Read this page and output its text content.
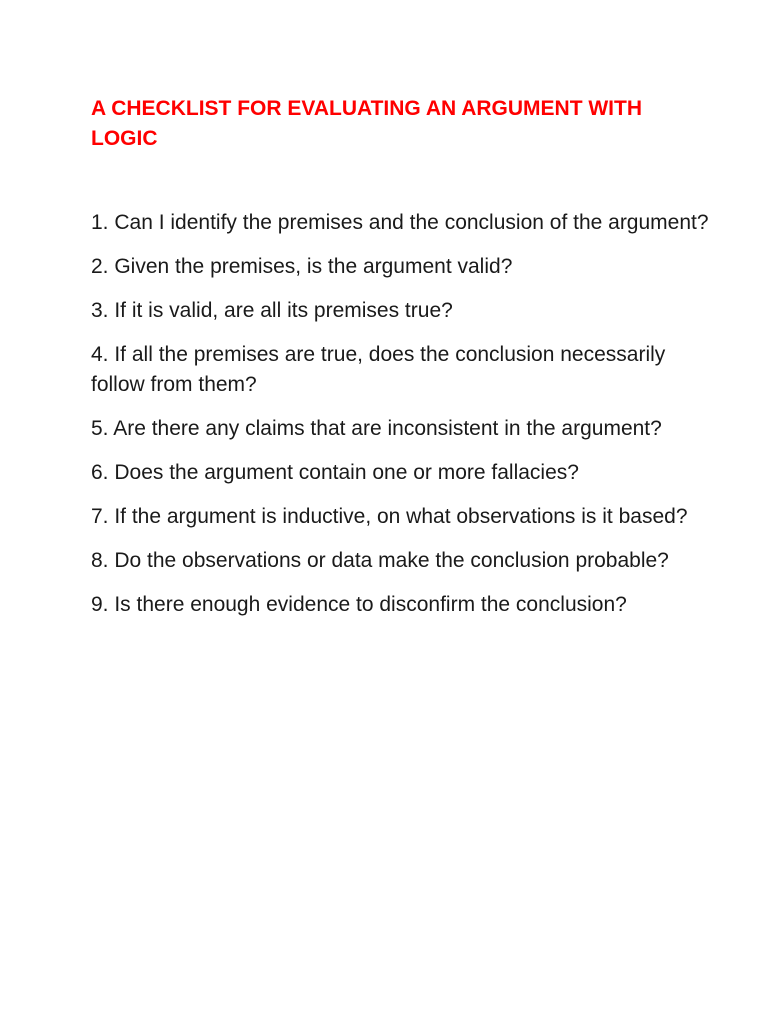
A CHECKLIST FOR EVALUATING AN ARGUMENT WITH LOGIC
1. Can I identify the premises and the conclusion of the argument?
2. Given the premises, is the argument valid?
3. If it is valid, are all its premises true?
4. If all the premises are true, does the conclusion necessarily follow from them?
5. Are there any claims that are inconsistent in the argument?
6. Does the argument contain one or more fallacies?
7. If the argument is inductive, on what observations is it based?
8. Do the observations or data make the conclusion probable?
9. Is there enough evidence to disconfirm the conclusion?
